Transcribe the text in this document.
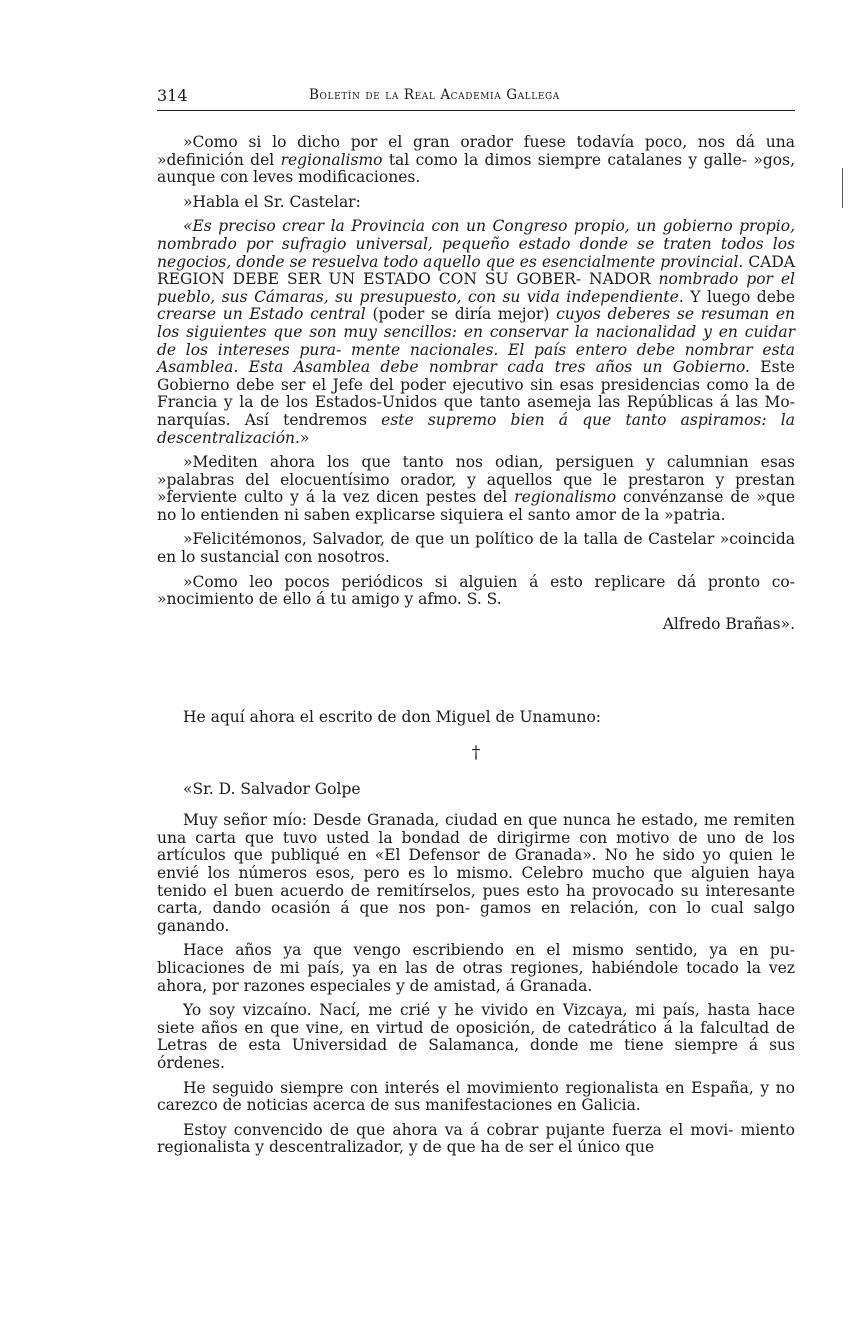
314	Boletín de la Real Academia Gallega

»Como si lo dicho por el gran orador fuese todavía poco, nos dá una »definición del regionalismo tal como la dimos siempre catalanes y galle- »gos, aunque con leves modificaciones.

»Habla el Sr. Castelar:

«Es preciso crear la Provincia con un Congreso propio, un gobierno propio, nombrado por sufragio universal, pequeño estado donde se traten todos los negocios, donde se resuelva todo aquello que es esencialmente provincial. CADA REGION DEBE SER UN ESTADO CON SU GOBER- NADOR nombrado por el pueblo, sus Cámaras, su presupuesto, con su vida independiente. Y luego debe crearse un Estado central (poder se diría mejor) cuyos deberes se resuman en los siguientes que son muy sencillos: en conservar la nacionalidad y en cuidar de los intereses pura- mente nacionales. El país entero debe nombrar esta Asamblea. Esta Asamblea debe nombrar cada tres años un Gobierno. Este Gobierno debe ser el Jefe del poder ejecutivo sin esas presidencias como la de Francia y la de los Estados-Unidos que tanto asemeja las Repúblicas á las Mo- narquías. Así tendremos este supremo bien á que tanto aspiramos: la descentralización.»

»Mediten ahora los que tanto nos odian, persiguen y calumnian esas »palabras del elocuentísimo orador, y aquellos que le prestaron y prestan »ferviente culto y á la vez dicen pestes del regionalismo convénzanse de »que no lo entienden ni saben explicarse siquiera el santo amor de la »patria.

»Felicitémonos, Salvador, de que un político de la talla de Castelar »coincida en lo sustancial con nosotros.

»Como leo pocos periódicos si alguien á esto replicare dá pronto co- »nocimiento de ello á tu amigo y afmo. S. S.

Alfredo Brañas».

He aquí ahora el escrito de don Miguel de Unamuno:

†

«Sr. D. Salvador Golpe

Muy señor mío: Desde Granada, ciudad en que nunca he estado, me remiten una carta que tuvo usted la bondad de dirigirme con motivo de uno de los artículos que publiqué en «El Defensor de Granada». No he sido yo quien le envié los números esos, pero es lo mismo. Celebro mucho que alguien haya tenido el buen acuerdo de remitírselos, pues esto ha provocado su interesante carta, dando ocasión á que nos pon- gamos en relación, con lo cual salgo ganando.

Hace años ya que vengo escribiendo en el mismo sentido, ya en pu- blicaciones de mi país, ya en las de otras regiones, habiéndole tocado la vez ahora, por razones especiales y de amistad, á Granada.

Yo soy vizcaíno. Nací, me crié y he vivido en Vizcaya, mi país, hasta hace siete años en que vine, en virtud de oposición, de catedrático á la falcultad de Letras de esta Universidad de Salamanca, donde me tiene siempre á sus órdenes.

He seguido siempre con interés el movimiento regionalista en España, y no carezco de noticias acerca de sus manifestaciones en Galicia.

Estoy convencido de que ahora va á cobrar pujante fuerza el movi- miento regionalista y descentralizador, y de que ha de ser el único que
